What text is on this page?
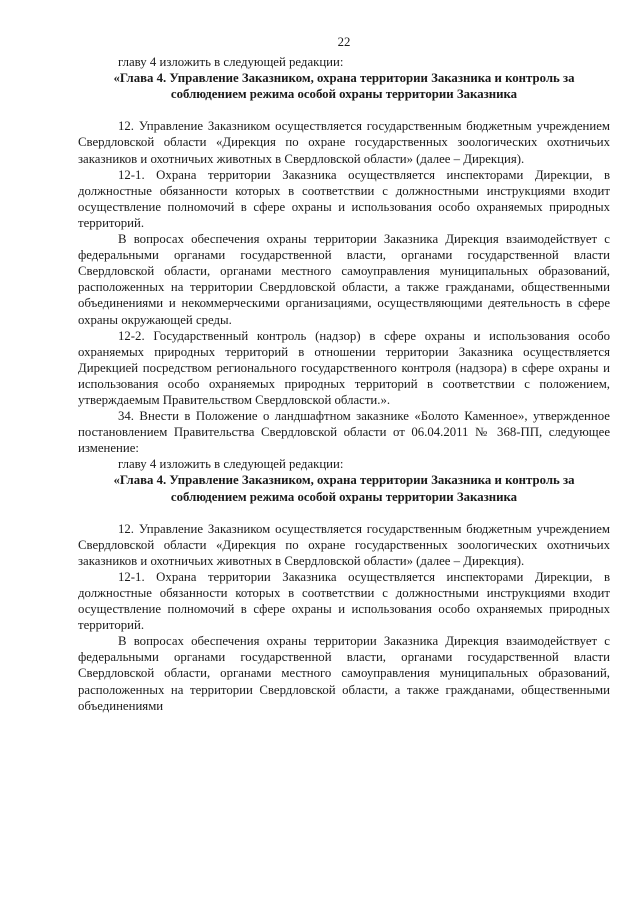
22
главу 4 изложить в следующей редакции:
«Глава 4. Управление Заказником, охрана территории Заказника и контроль за соблюдением режима особой охраны территории Заказника

12. Управление Заказником осуществляется государственным бюджетным учреждением Свердловской области «Дирекция по охране государственных зоологических охотничьих заказников и охотничьих животных в Свердловской области» (далее – Дирекция).

12-1. Охрана территории Заказника осуществляется инспекторами Дирекции, в должностные обязанности которых в соответствии с должностными инструкциями входит осуществление полномочий в сфере охраны и использования особо охраняемых природных территорий.

В вопросах обеспечения охраны территории Заказника Дирекция взаимодействует с федеральными органами государственной власти, органами государственной власти Свердловской области, органами местного самоуправления муниципальных образований, расположенных на территории Свердловской области, а также гражданами, общественными объединениями и некоммерческими организациями, осуществляющими деятельность в сфере охраны окружающей среды.

12-2. Государственный контроль (надзор) в сфере охраны и использования особо охраняемых природных территорий в отношении территории Заказника осуществляется Дирекцией посредством регионального государственного контроля (надзора) в сфере охраны и использования особо охраняемых природных территорий в соответствии с положением, утверждаемым Правительством Свердловской области.».

34. Внести в Положение о ландшафтном заказнике «Болото Каменное», утвержденное постановлением Правительства Свердловской области от 06.04.2011 № 368-ПП, следующее изменение:

главу 4 изложить в следующей редакции:
«Глава 4. Управление Заказником, охрана территории Заказника и контроль за соблюдением режима особой охраны территории Заказника

12. Управление Заказником осуществляется государственным бюджетным учреждением Свердловской области «Дирекция по охране государственных зоологических охотничьих заказников и охотничьих животных в Свердловской области» (далее – Дирекция).

12-1. Охрана территории Заказника осуществляется инспекторами Дирекции, в должностные обязанности которых в соответствии с должностными инструкциями входит осуществление полномочий в сфере охраны и использования особо охраняемых природных территорий.

В вопросах обеспечения охраны территории Заказника Дирекция взаимодействует с федеральными органами государственной власти, органами государственной власти Свердловской области, органами местного самоуправления муниципальных образований, расположенных на территории Свердловской области, а также гражданами, общественными объединениями
